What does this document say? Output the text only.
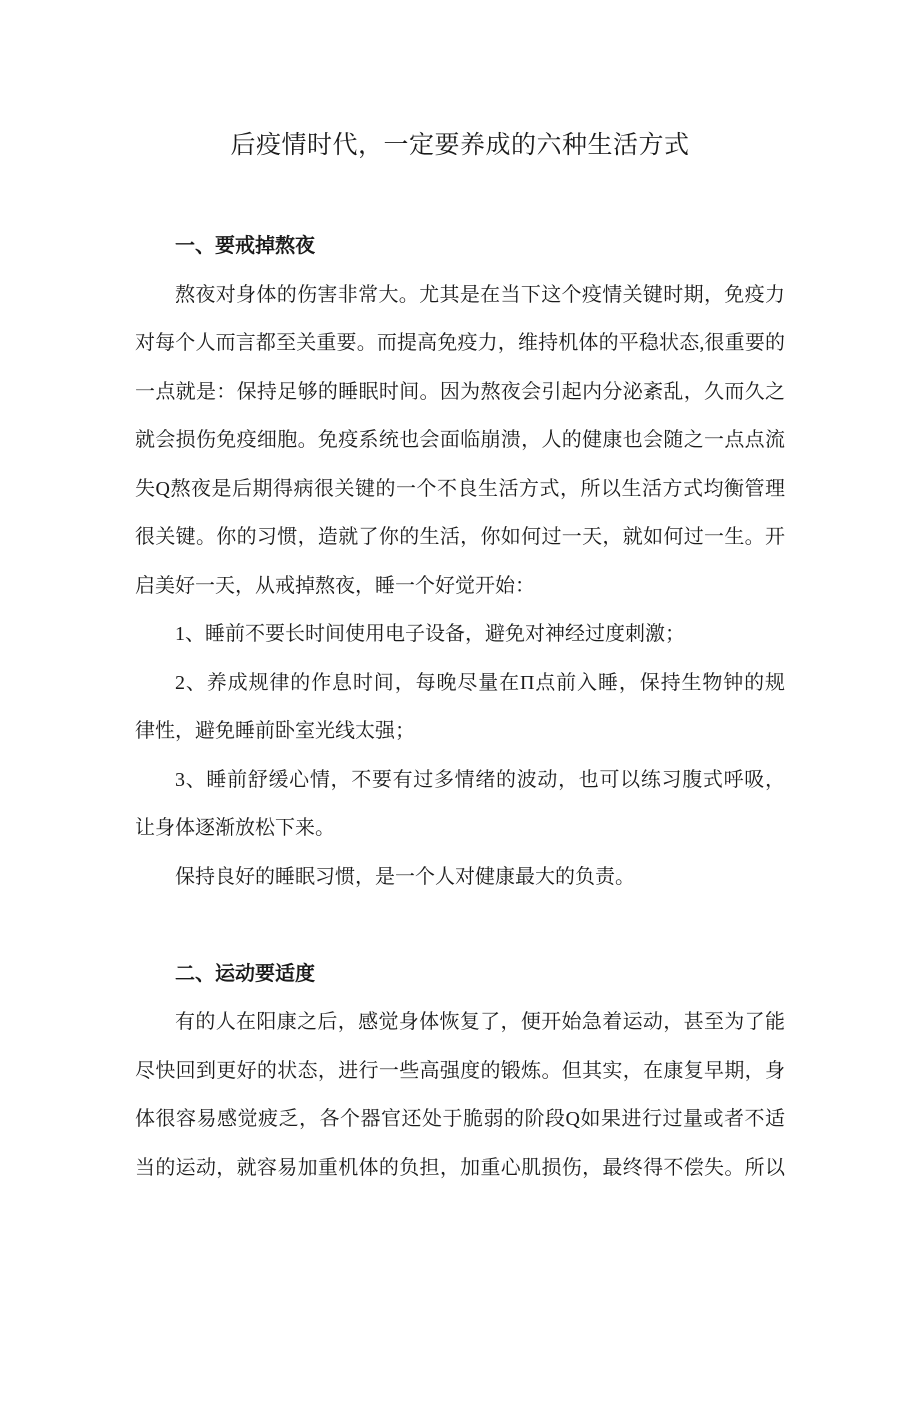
后疫情时代，一定要养成的六种生活方式
一、要戒掉熬夜
熬夜对身体的伤害非常大。尤其是在当下这个疫情关键时期，免疫力
对每个人而言都至关重要。而提高免疫力，维持机体的平稳状态,很重要的
一点就是：保持足够的睡眠时间。因为熬夜会引起内分泌紊乱，久而久之
就会损伤免疫细胞。免疫系统也会面临崩溃，人的健康也会随之一点点流
失Q熬夜是后期得病很关键的一个不良生活方式，所以生活方式均衡管理
很关键。你的习惯，造就了你的生活，你如何过一天，就如何过一生。开
启美好一天，从戒掉熬夜，睡一个好觉开始：
1、睡前不要长时间使用电子设备，避免对神经过度刺激；
2、养成规律的作息时间，每晚尽量在Π点前入睡，保持生物钟的规
律性，避免睡前卧室光线太强；
3、睡前舒缓心情，不要有过多情绪的波动，也可以练习腹式呼吸，
让身体逐渐放松下来。
保持良好的睡眠习惯，是一个人对健康最大的负责。
二、运动要适度
有的人在阳康之后，感觉身体恢复了，便开始急着运动，甚至为了能
尽快回到更好的状态，进行一些高强度的锻炼。但其实，在康复早期，身
体很容易感觉疲乏，各个器官还处于脆弱的阶段Q如果进行过量或者不适
当的运动，就容易加重机体的负担，加重心肌损伤，最终得不偿失。所以
